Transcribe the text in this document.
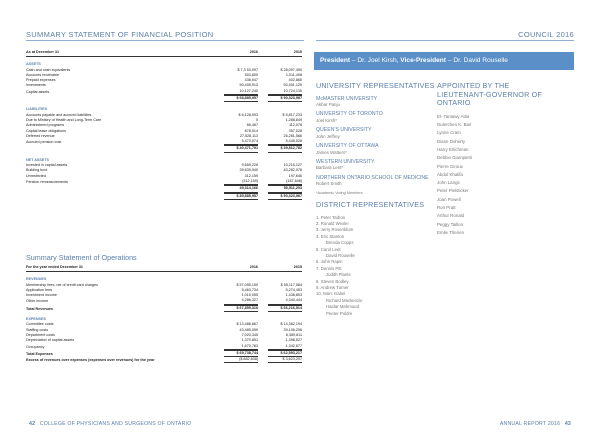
SUMMARY STATEMENT OF FINANCIAL POSITION	COUNCIL 2016
As at December 31	2016	2015
ASSETS
Cash and cash equivalents	$ 7,3 53,097	$ 28,097,450
Accounts receivable	503,800	1,011,408
Prepaid expenses	436,047	402,865
Investments	50,405,913	50,401,129
Capital assets	10,127,240	10,724,135
$ 68,885,957	$ 90,323,987
LIABILITIES
Accounts payable and accrued liabilities	$ 6,128,093	$ 5,817,233
Due to Ministry of Health and Long-Term Care	0	1,288,849
Administered programs	66,467	112,078
Capital lease obligations	878,014	357,028
Deferred revenue	27,528,113	26,281,566
Accrued pension cost	5,473,074	5,445,028
$ 40,471,791	$ 39,812,782
NET ASSETS
Invested in capital assets	9,659,226	10,215,127
Building fund	39,639,940	40,282,078
Unrestricted	312,159	197,646
Pension remeasurements	(312,159)	(187,648)
49,314,166	50,511,203
$ 89,885,957	$ 90,323,987
Summary Statement of Operations
For the year ended December 31	2016	2015
REVENUES
Membership fees, net of credit card charges	$ 57,095,150	$ 55,117,584
Application fees	5,463,734	5,274,453
Investment income	1,015,055	1,438,853
Other income	4,286,327	4,340,444
Total Revenues	$ 67,859,316	$ 66,216,514
EXPENSES
Committee costs	$ 13,486,667	$ 14,362,194
Staffing costs	43,485,099	39,106,206
Department costs	7,020,345	6,389,811
Depreciation of capital assets	1,370,851	1,398,527
Occupancy	1,670,783	1,342,677
Total Expenses	$ 69,738,744	$ 62,593,217
Excess of revenues over expenses (expenses over revenues) for the year	($ 882,838)	$ 3,623,297
President – Dr. Joel Kirsh, Vice-President – Dr. David Rouselle
UNIVERSITY REPRESENTATIVES
McMASTER UNIVERSITY
Akbar Panju
UNIVERSITY OF TORONTO
Joel Kirsh*
QUEEN'S UNIVERSITY
John Jeffrey
UNIVERSITY OF OTTAWA
James Watters*
WESTERN UNIVERSITY
Barbara Lent*
NORTHERN ONTARIO SCHOOL OF MEDICINE
Robert Smith
*Academic Voting Members
DISTRICT REPRESENTATIVES
1. Peter Tadros
2. Ronald Wexler
3. Jerry Rosenblum
4. Eric Stanton
Brenda Copps
5. Carol Leet
David Rouselle
6. John Rapin
7. Dennis Pitt
Judith Plante
8. Steven Bodley
9. Andrew Turner
10. Marc Gabel
Richard Mackenzie
Haidar Mahmoud
Peeter Poldre
APPOINTED BY THE LIEUTENANT-GOVERNOR OF ONTARIO
El- Tantawy Attia
Dulerchen K. Bari
Lynne Cram
Diane Doherty
Harry Erlichman
Debbie Giampietri
Pierre Giroux
Abdul Khalifa
John Langs
Peter Pielsticker
Joan Powell
Ron Pratt
Arthur Ronald
Peggy Taillon
Emile Therien
42 COLLEGE OF PHYSICIANS AND SURGEONS OF ONTARIO	ANNUAL REPORT 2016 43
